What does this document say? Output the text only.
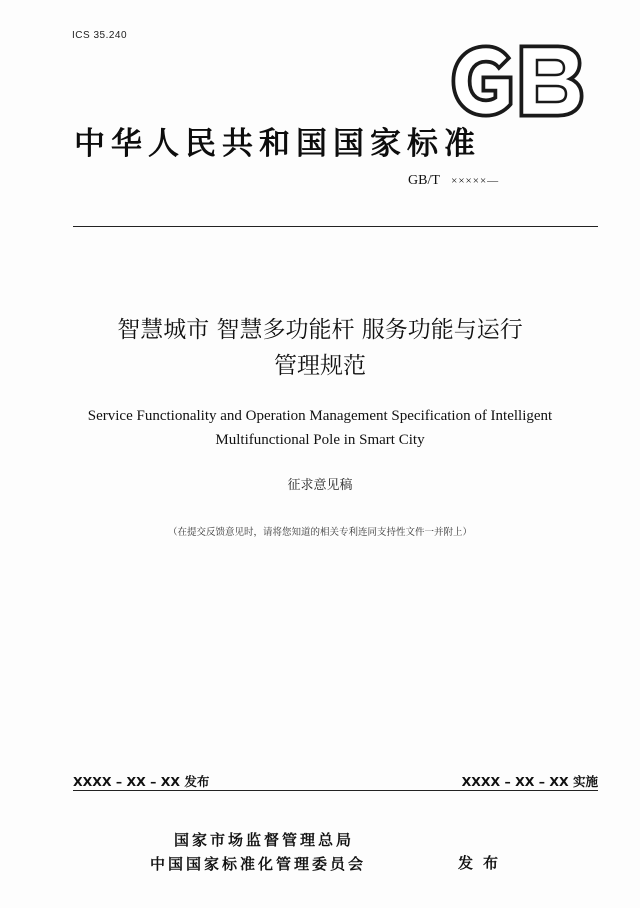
ICS 35.240
中华人民共和国国家标准
GB/T ×××××—
智慧城市 智慧多功能杆 服务功能与运行
管理规范
Service Functionality and Operation Management Specification of Intelligent
Multifunctional Pole in Smart City
征求意见稿
（在提交反馈意见时，请将您知道的相关专利连同支持性文件一并附上）
XXXX – XX – XX 发布	XXXX – XX – XX 实施
国家市场监督管理总局
中国国家标准化管理委员会	发布
